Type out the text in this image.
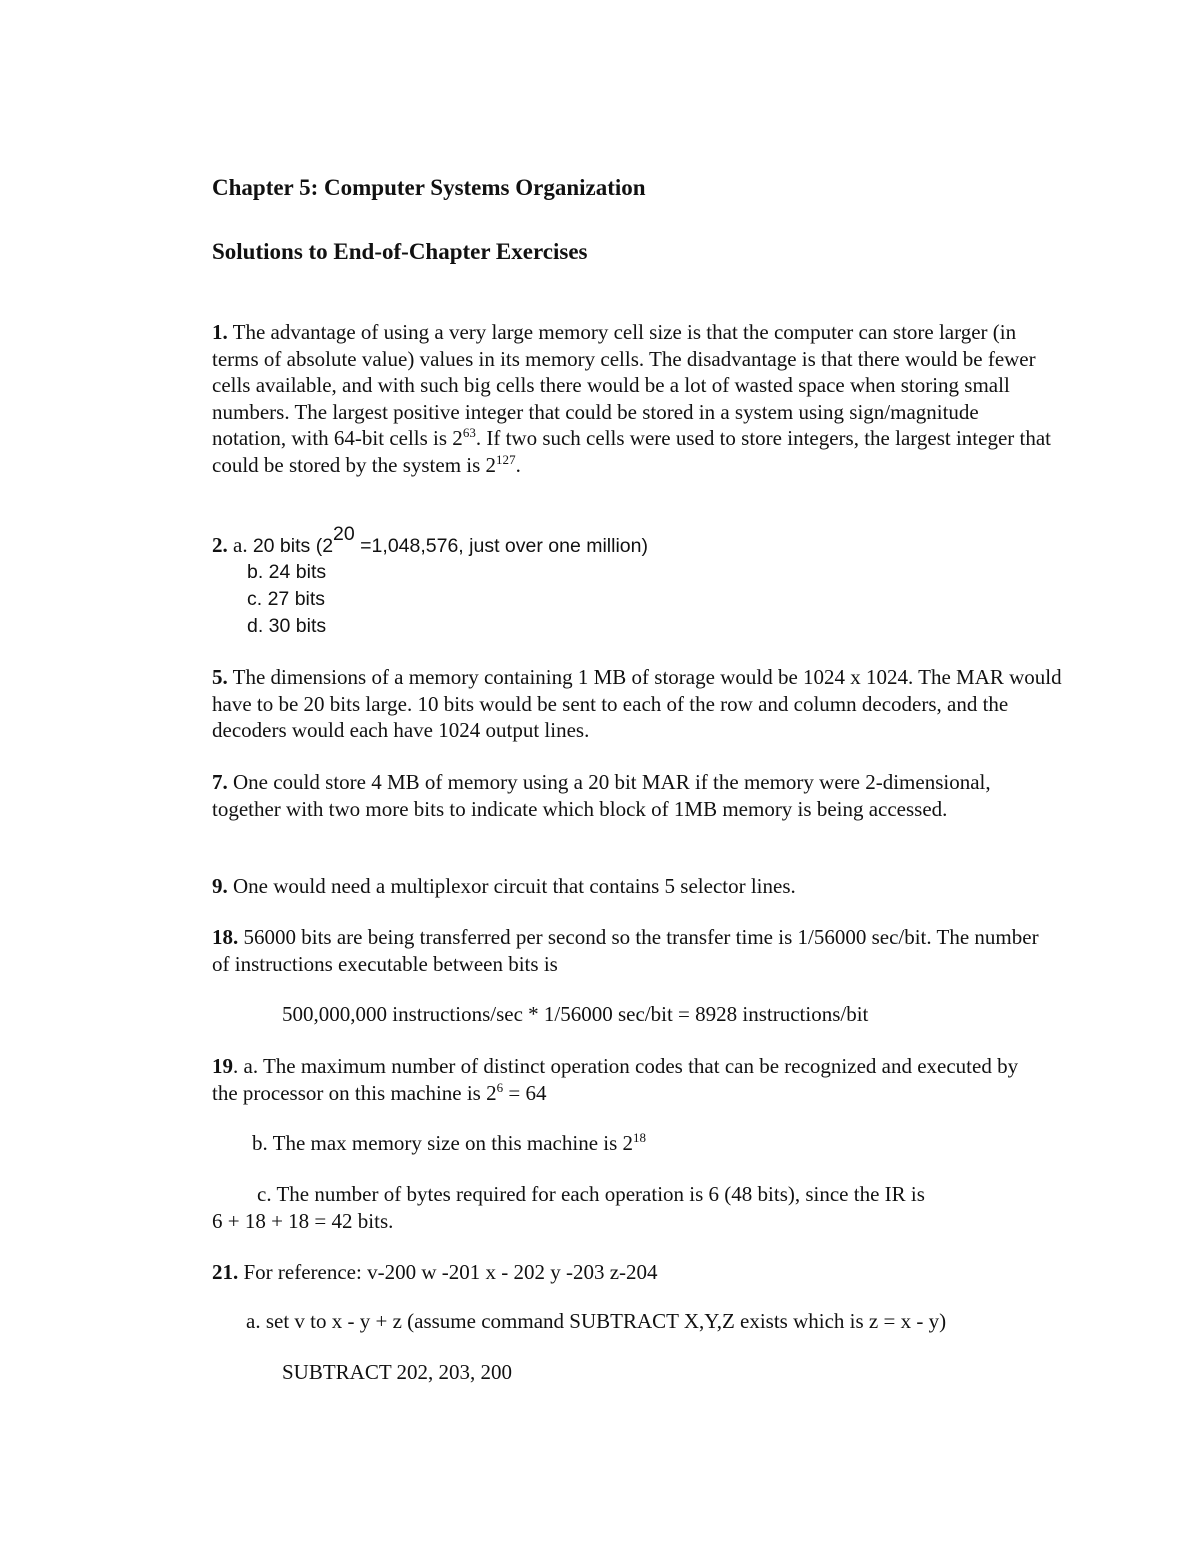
Chapter 5: Computer Systems Organization
Solutions to End-of-Chapter Exercises
1. The advantage of using a very large memory cell size is that the computer can store larger (in terms of absolute value) values in its memory cells. The disadvantage is that there would be fewer cells available, and with such big cells there would be a lot of wasted space when storing small numbers. The largest positive integer that could be stored in a system using sign/magnitude notation, with 64-bit cells is $2^{63}$. If two such cells were used to store integers, the largest integer that could be stored by the system is $2^{127}$.
2. a. 20 bits ($2^{20} =1,048,576$, just over one million)
b. 24 bits
c. 27 bits
d. 30 bits
5. The dimensions of a memory containing 1 MB of storage would be 1024 x 1024. The MAR would have to be 20 bits large. 10 bits would be sent to each of the row and column decoders, and the decoders would each have 1024 output lines.
7. One could store 4 MB of memory using a 20 bit MAR if the memory were 2-dimensional, together with two more bits to indicate which block of 1MB memory is being accessed.
9. One would need a multiplexor circuit that contains 5 selector lines.
18. 56000 bits are being transferred per second so the transfer time is 1/56000 sec/bit. The number of instructions executable between bits is
500,000,000 instructions/sec * 1/56000 sec/bit = 8928 instructions/bit
19. a. The maximum number of distinct operation codes that can be recognized and executed by the processor on this machine is $2^6 = 64$
b. The max memory size on this machine is $2^{18}$
c. The number of bytes required for each operation is 6 (48 bits), since the IR is
6 + 18 + 18 = 42 bits.
21. For reference: v-200 w -201 x - 202 y -203 z-204
a. set v to x - y + z (assume command SUBTRACT X,Y,Z exists which is z = x - y)
SUBTRACT 202, 203, 200
